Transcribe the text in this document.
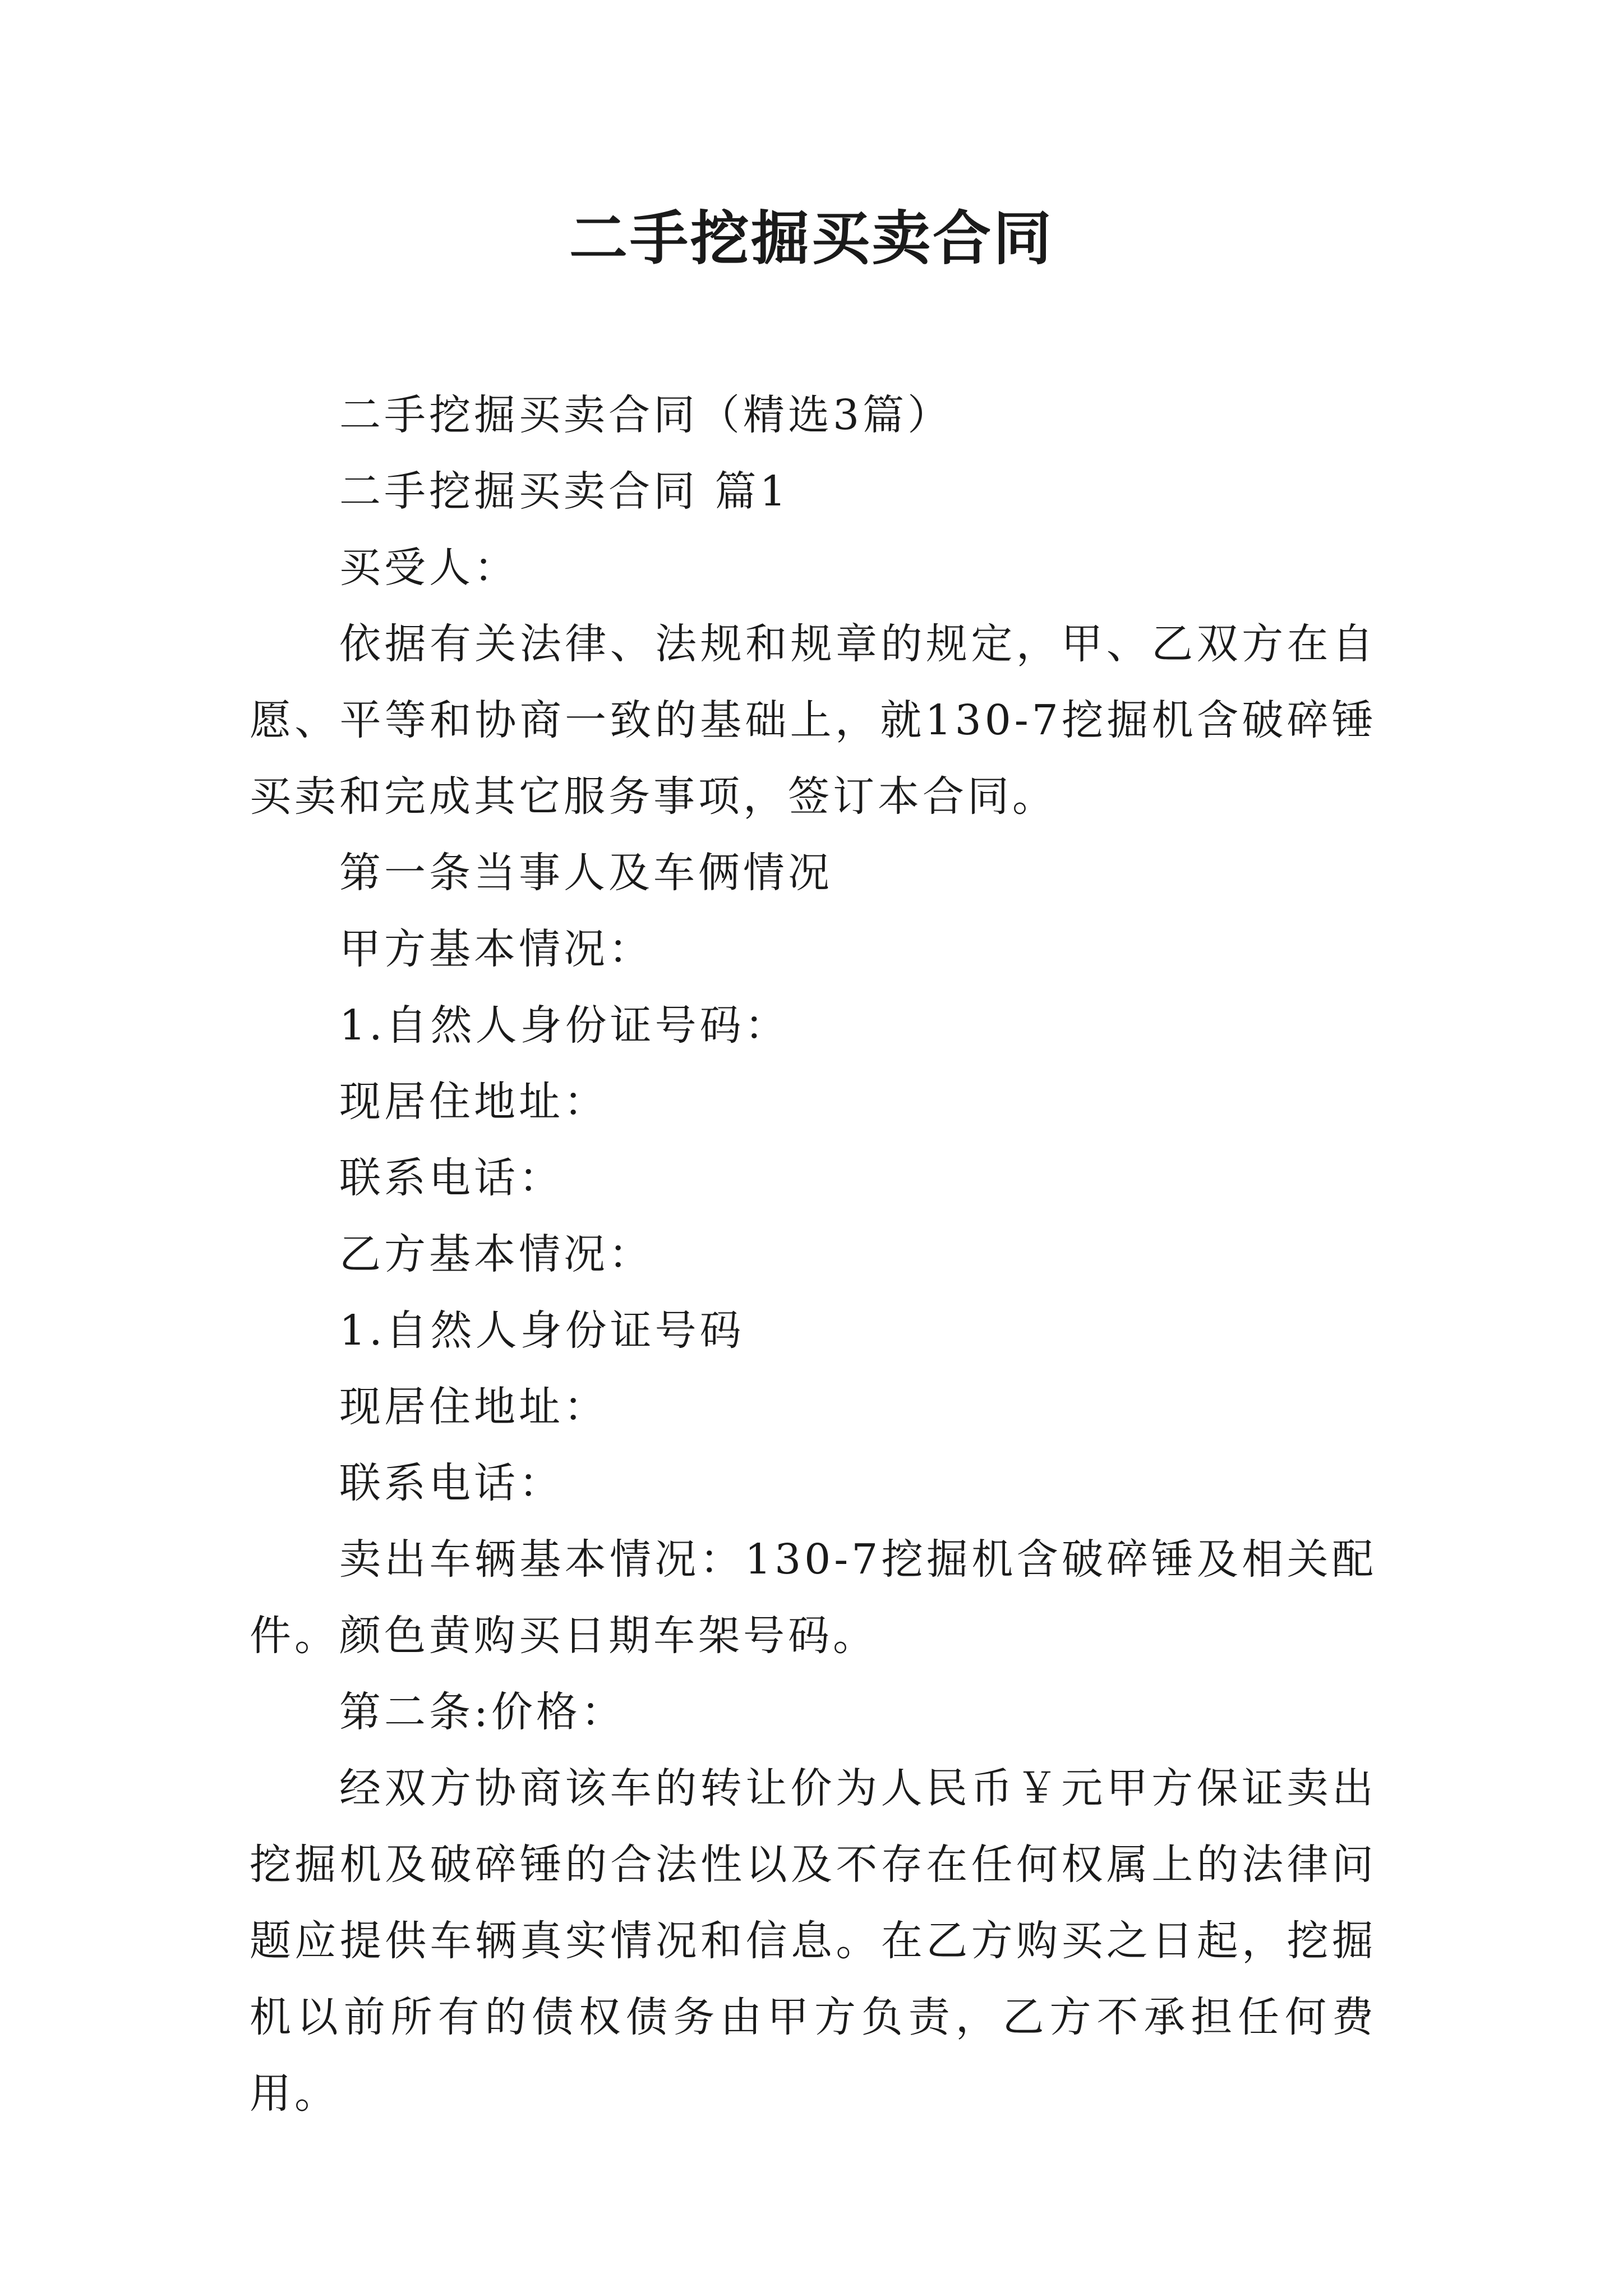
二手挖掘买卖合同

二手挖掘买卖合同（精选3篇）

二手挖掘买卖合同 篇1

买受人：

依据有关法律、法规和规章的规定，甲、乙双方在自愿、平等和协商一致的基础上，就130-7挖掘机含破碎锤买卖和完成其它服务事项，签订本合同。

第一条当事人及车俩情况

甲方基本情况：

1.自然人身份证号码：

现居住地址：

联系电话：

乙方基本情况：

1.自然人身份证号码

现居住地址：

联系电话：

卖出车辆基本情况：130-7挖掘机含破碎锤及相关配件。颜色黄购买日期车架号码。

第二条:价格：

经双方协商该车的转让价为人民币￥元甲方保证卖出挖掘机及破碎锤的合法性以及不存在任何权属上的法律问题应提供车辆真实情况和信息。在乙方购买之日起，挖掘机以前所有的债权债务由甲方负责，乙方不承担任何费用。
